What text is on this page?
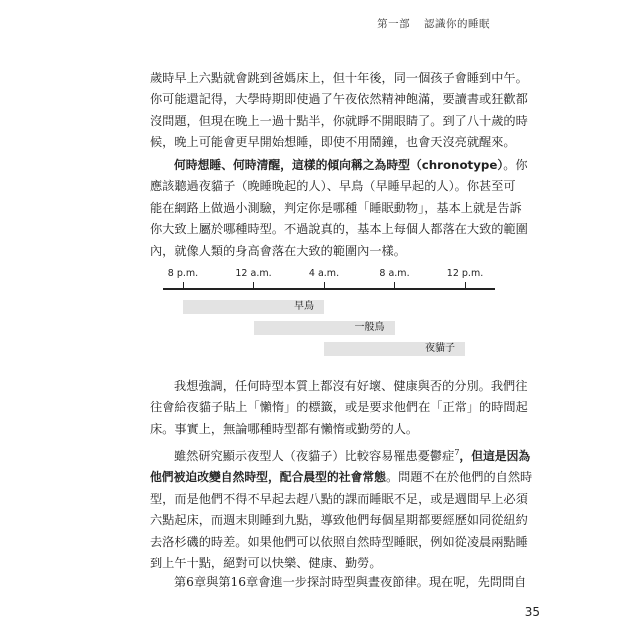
第一部 認識你的睡眠
歲時早上六點就會跳到爸媽床上，但十年後，同一個孩子會睡到中午。
你可能還記得，大學時期即使過了午夜依然精神飽滿，要讀書或狂歡都
沒問題，但現在晚上一過十點半，你就睜不開眼睛了。到了八十歲的時
候，晚上可能會更早開始想睡，即使不用鬧鐘，也會天沒亮就醒來。
何時想睡、何時清醒，這樣的傾向稱之為時型（chronotype）。你
應該聽過夜貓子（晚睡晚起的人）、早鳥（早睡早起的人）。你甚至可
能在網路上做過小測驗，判定你是哪種「睡眠動物」，基本上就是告訴
你大致上屬於哪種時型。不過說真的，基本上每個人都落在大致的範圍
內，就像人類的身高會落在大致的範圍內一樣。
8 p.m.	12 a.m.	4 a.m.	8 a.m.	12 p.m.
早鳥
一般鳥
夜貓子
我想強調，任何時型本質上都沒有好壞、健康與否的分別。我們往
往會給夜貓子貼上「懶惰」的標籤，或是要求他們在「正常」的時間起
床。事實上，無論哪種時型都有懶惰或勤勞的人。
雖然研究顯示夜型人（夜貓子）比較容易罹患憂鬱症$^7$，但這是因為
他們被迫改變自然時型，配合晨型的社會常態。問題不在於他們的自然時
型，而是他們不得不早起去趕八點的課而睡眠不足，或是週間早上必須
六點起床，而週末則睡到九點，導致他們每個星期都要經歷如同從紐約
去洛杉磯的時差。如果他們可以依照自然時型睡眠，例如從凌晨兩點睡
到上午十點，絕對可以快樂、健康、勤勞。
第6章與第16章會進一步探討時型與晝夜節律。現在呢，先問問自
35
